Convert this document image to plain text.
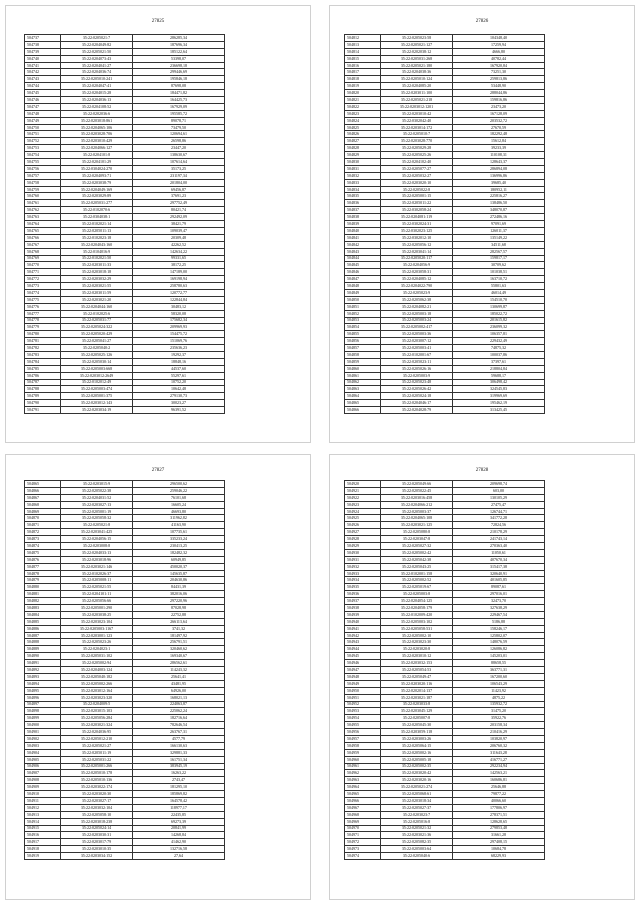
27825
504737	35:22:0205021:7	286285,34
504738	35:22:0204049:82	187696,34
504739	35:22:0205021:50	185122,64
504740	35:22:0204073:43	53398,07
504741	35:22:0204041:27	236698,18
504742	35:22:0204036:74	299446,69
504743	35:22:0205010:241	195846,18
504744	35:22:0204047:41	87698,08
504745	35:22:0204015:28	184471,82
504746	35:22:0204036:13	164425,73
504747	35:22:0204108:52	167929,09
504748	35:22:0202036:6	195585,72
504749	35:22:0203018:861	89078,71
504750	35:22:0204065:106	73479,50
504751	35:22:0203028:706	120694,61
504752	35:22:0203010:429	26598,86
504753	35:22:0204066:127	23447,20
504754	35:22:0204101:8	138630,67
504755	35:22:0204101:29	107614,64
504756	35:22:0304024:270	35173,25
504757	35:22:0204093:71	231197,34
504758	35:22:0203038:79	201804,00
504759	35:22:0204049:169	69456,87
504760	35:22:0203029:89	37691,23
504761	35:22:0205031:277	297752,49
504762	35:22:0102070:6	80421,74
504763	35:22:0304038:1	292492,09
504764	35:22:0102021:14	38421,79
504765	35:22:0205011:13	109039,47
504766	35:22:0102023:18	20309,48
504767	35:22:0204043:160	42262,52
504768	35:22:0104016:9	142634,22
504769	35:22:0102021:50	99331,65
504770	35:22:0203011:33	38172,25
504771	35:22:0203018:18	147189,00
504772	35:22:0203032:29	169198,94
504773	35:22:0203021:55	258780,63
504774	35:22:0203011:59	120772,77
504775	35:22:0203021:20	122844,84
504776	35:22:0204044:160	30483,12
504777	35:22:0102025:6	58320,08
504778	35:22:0205031:77	175682,34
504779	35:22:0205024:322	209969,93
504780	35:22:0205020:429	154475,72
504781	35:22:0205041:27	151069,76
504782	35:22:0205040:2	235636,23
504783	35:22:0205025:126	19292,37
504784	35:22:0205030:14	18848,16
504785	35:22:0205003:668	44537,60
504786	35:22:0203012:2649	55297,61
504787	35:22:0102012:49	10752,20
504788	35:22:0205003:474	10642,48
504789	35:22:0205001:375	279130,73
504790	35:22:0203012:143	30023,27
504791	35:22:0203034:19	96391,52
27826
504812	35:22:0205023:58	104348,40
504813	35:22:0205021:127	17259,94
504814	35:22:0202038:12	4666,80
504815	35:22:0205031:268	40782,44
504816	35:22:0205021:180	167920,84
504817	35:22:0204038:36	73251,30
504818	35:22:0205010:124	259813,86
504819	35:22:0204085:20	53448,90
504820	35:22:0203011:100	288044,86
504821	35:22:0205021:218	159816,86
504822	35:22:0203012:1201	23473,20
504823	35:22:0203010:42	167128,09
504824	35:22:0302042:40	203532,72
504825	35:22:0203014:172	27670,59
504826	35:22:0205010:7	182292,48
504827	35:22:0203028:770	15612,84
504828	35:22:0205029:28	39233,39
504829	35:22:0205025:26	110108,31
504830	35:22:0204102:40	128643,37
504831	35:22:0205077:27	286894,08
504832	35:22:0205032:27	136996,86
504833	35:22:0203020:10	39685,40
504834	35:22:0205022:8	180952,11
504835	35:22:0205001:15	225816,27
504836	35:22:0205011:22	138486,50
504837	35:22:0302058:24	348070,87
504838	35:22:0204081:119	272486,16
504839	35:22:0302024:31	97091,69
504840	35:22:0302023:125	126011,37
504841	35:22:0302012:10	135149,22
504842	35:22:0205056:12	34511,68
504843	35:22:0203041:14	282567,57
504844	35:22:0205020:117	159817,17
504845	35:22:0204056:9	30709,62
504846	35:22:0203058:31	101038,51
504847	35:22:0204085:12	163710,72
504848	35:22:0204022:790	55801,63
504849	35:22:0205023:9	46014,49
504850	35:22:0205062:38	154510,70
504851	35:22:0204082:21	130699,87
504852	35:22:0205003:18	185022,72
504853	35:22:0205003:24	201615,82
504854	35:22:0205002:417	236099,32
504855	35:22:0205003:36	106357,81
504856	35:22:0203007:12	229432,49
504857	35:22:0205003:41	74875,32
504858	35:22:0102001:67	100037,86
504859	35:22:0205023:11	37397,61
504860	35:22:0205026:16	218804,84
504861	35:22:0205003:9	59688,17
504862	35:22:0205023:48	306498,42
504863	35:22:0205026:42	324545,83
504864	35:22:0205024:18	319969,69
504865	35:22:0204046:17	195462,19
504866	35:22:0204028:79	313425,45
27827
504865	35:22:0203015:9	296500,62
504866	35:22:0205022:38	259046,22
504867	35:22:0204031:52	76101,68
504868	35:22:0203027:13	16605,24
504869	35:22:0205001:19	46693,80
504870	35:22:0205058:32	311962,82
504871	35:22:0205021:8	41163,90
504872	35:22:0203041:425	107735,61
504873	35:22:0204056:15	335233,24
504874	35:22:0203008:8	230413,25
504875	35:22:0204033:13	182482,32
504876	35:22:0203018:96	60949,85
504877	35:22:0203021:146	450020,37
504878	35:22:0102026:37	145635,87
504879	35:22:0205008:11	204630,86
504880	35:22:0205021:55	84431,39
504881	35:22:0204101:11	382016,06
504882	35:22:0205056:66	297220,96
504883	35:22:0205001:290	87028,98
504884	35:22:0203038:25	22752,88
504885	35:22:0203023:104	266113,64
504886	35:22:0205003:1167	3741,32
504887	35:22:0203001:123	181497,92
504888	35:22:0205023:26	256791,51
504889	35:22:0204023:1	320460,62
504890	35:22:0205031:102	169340,67
504891	35:22:0205002:94	286562,61
504892	35:22:0204003:124	114243,32
504893	35:22:0205040:182	25641,41
504894	35:22:0205002:266	43481,95
504895	35:22:0203012:164	64926,00
504896	35:22:0203023:320	168021,13
504897	35:22:0204009:5	224063,87
504898	35:22:0203015:103	225062,24
504899	35:22:0205056:284	182716,64
504900	35:22:0203021:324	782646,54
504901	35:22:0204036:95	263767,31
504902	35:22:0205012:210	4577,79
504903	35:22:0205021:27	166130,63
504904	35:22:0205011:19	329881,33
504905	35:22:0205031:22	161751,34
504906	35:22:0205001:266	383945,19
504907	35:22:0205010:178	16263,22
504908	35:22:0205010:136	2743,47
504909	35:22:0203022:174	181295,10
504910	35:22:0203020:30	185869,82
504911	35:22:0203027:17	164578,42
504912	35:22:0203032:104	118977,17
504913	35:22:0205058:10	22435,85
504914	35:22:0203018:238	69273,39
504915	35:22:0205024:14	20841,99
504916	35:22:0203030:31	14268,84
504917	35:22:0203017:79	41462,90
504918	35:22:0203010:35	132716,58
504919	35:22:0203034:152	27,64
27828
504920	35:22:0205049:66	209698,74
504921	35:22:0205022:45	603,00
504922	35:22:0203016:458	130105,29
504923	35:22:0204066:212	27475,47
504924	35:22:0205003:37	126744,71
504925	35:22:0204065:108	341772,28
504926	35:22:0203021:125	72824,56
504927	35:22:0205080:8	210178,29
504928	35:22:0203047:8	241743,14
504929	35:22:0205027:32	270363,40
504930	35:22:0205002:42	11050,61
504931	35:22:0205042:38	407670,34
504932	35:22:0205043:25	315417,38
504933	35:22:0102001:158	320640,91
504934	35:22:0205002:52	401605,85
504935	35:22:0205019:67	89087,61
504936	35:22:0205003:8	297016,01
504937	35:22:0204054:125	32473,70
504938	35:22:0204058:179	327638,29
504939	35:22:0102009:420	229467,54
504940	35:22:0205003:102	5186,88
504941	35:22:0205058:531	158246,17
504942	35:22:0205002:10	125802,07
504943	35:22:0203023:30	148076,59
504944	35:22:0203020:8	126086,82
504945	35:22:0203010:12	145203,01
504946	35:22:0203032:153	88658,55
504947	35:22:0205054:53	363771,31
504948	35:22:0205049:47	167200,60
504949	35:22:0203020:116	106543,29
504950	35:22:0202014:137	11423,92
504951	35:22:0203021:187	4875,22
504952	35:22:0203033:8	135932,72
504953	35:22:0203045:129	31475,20
504954	35:22:0205007:8	35922,76
504955	35:22:0205045:30	203158,34
504956	35:22:0203059:118	210416,29
504957	35:22:0203003:26	103820,97
504958	35:22:0205064:15	206760,32
504959	35:22:0205002:16	311643,28
504960	35:22:0205005:18	416771,27
504961	35:22:0205002:35	292234,94
504962	35:22:0203020:42	142563,21
504963	35:22:0203020:16	160686,81
504964	35:22:0205021:274	25646,88
504965	35:22:0205068:61	79877,22
504966	35:22:0203018:34	40066,60
504967	35:22:0205027:37	177806,97
504968	35:22:0203023:7	278371,51
504969	35:22:0205016:8	128628,65
504970	35:22:0205021:32	279853,48
504971	35:22:0203021:36	31661,28
504972	35:22:0205082:35	297408,15
504973	35:22:0205003:64	10684,78
504974	35:22:0205040:6	68229,93
